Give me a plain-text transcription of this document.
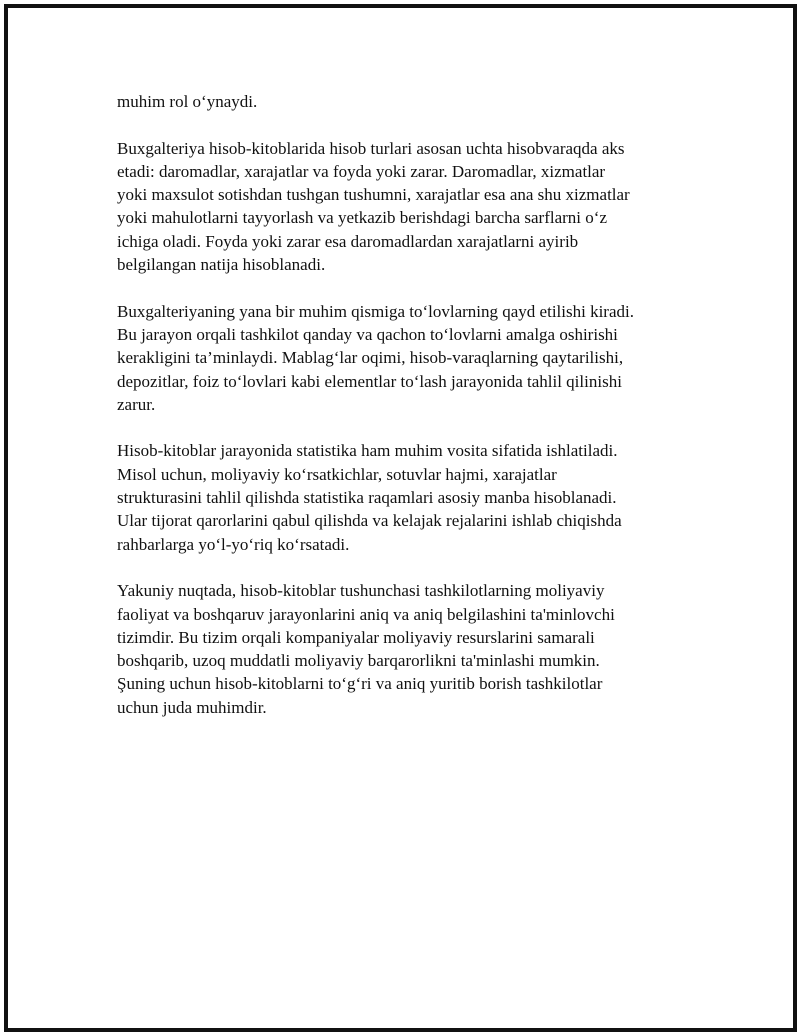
muhim rol o‘ynaydi.

Buxgalteriya hisob-kitoblarida hisob turlari asosan uchta hisobvaraqda aks
etadi: daromadlar, xarajatlar va foyda yoki zarar. Daromadlar, xizmatlar
yoki maxsulot sotishdan tushgan tushumni, xarajatlar esa ana shu xizmatlar
yoki mahulotlarni tayyorlash va yetkazib berishdagi barcha sarflarni o‘z
ichiga oladi. Foyda yoki zarar esa daromadlardan xarajatlarni ayirib
belgilangan natija hisoblanadi.

Buxgalteriyaning yana bir muhim qismiga to‘lovlarning qayd etilishi kiradi.
Bu jarayon orqali tashkilot qanday va qachon to‘lovlarni amalga oshirishi
kerakligini ta’minlaydi. Mablag‘lar oqimi, hisob-varaqlarning qaytarilishi,
depozitlar, foiz to‘lovlari kabi elementlar to‘lash jarayonida tahlil qilinishi
zarur.

Hisob-kitoblar jarayonida statistika ham muhim vosita sifatida ishlatiladi.
Misol uchun, moliyaviy ko‘rsatkichlar, sotuvlar hajmi, xarajatlar
strukturasini tahlil qilishda statistika raqamlari asosiy manba hisoblanadi.
Ular tijorat qarorlarini qabul qilishda va kelajak rejalarini ishlab chiqishda
rahbarlarga yo‘l-yo‘riq ko‘rsatadi.

Yakuniy nuqtada, hisob-kitoblar tushunchasi tashkilotlarning moliyaviy
faoliyat va boshqaruv jarayonlarini aniq va aniq belgilashini ta'minlovchi
tizimdir. Bu tizim orqali kompaniyalar moliyaviy resurslarini samarali
boshqarib, uzoq muddatli moliyaviy barqarorlikni ta'minlashi mumkin.
Şuning uchun hisob-kitoblarni to‘g‘ri va aniq yuritib borish tashkilotlar
uchun juda muhimdir.
